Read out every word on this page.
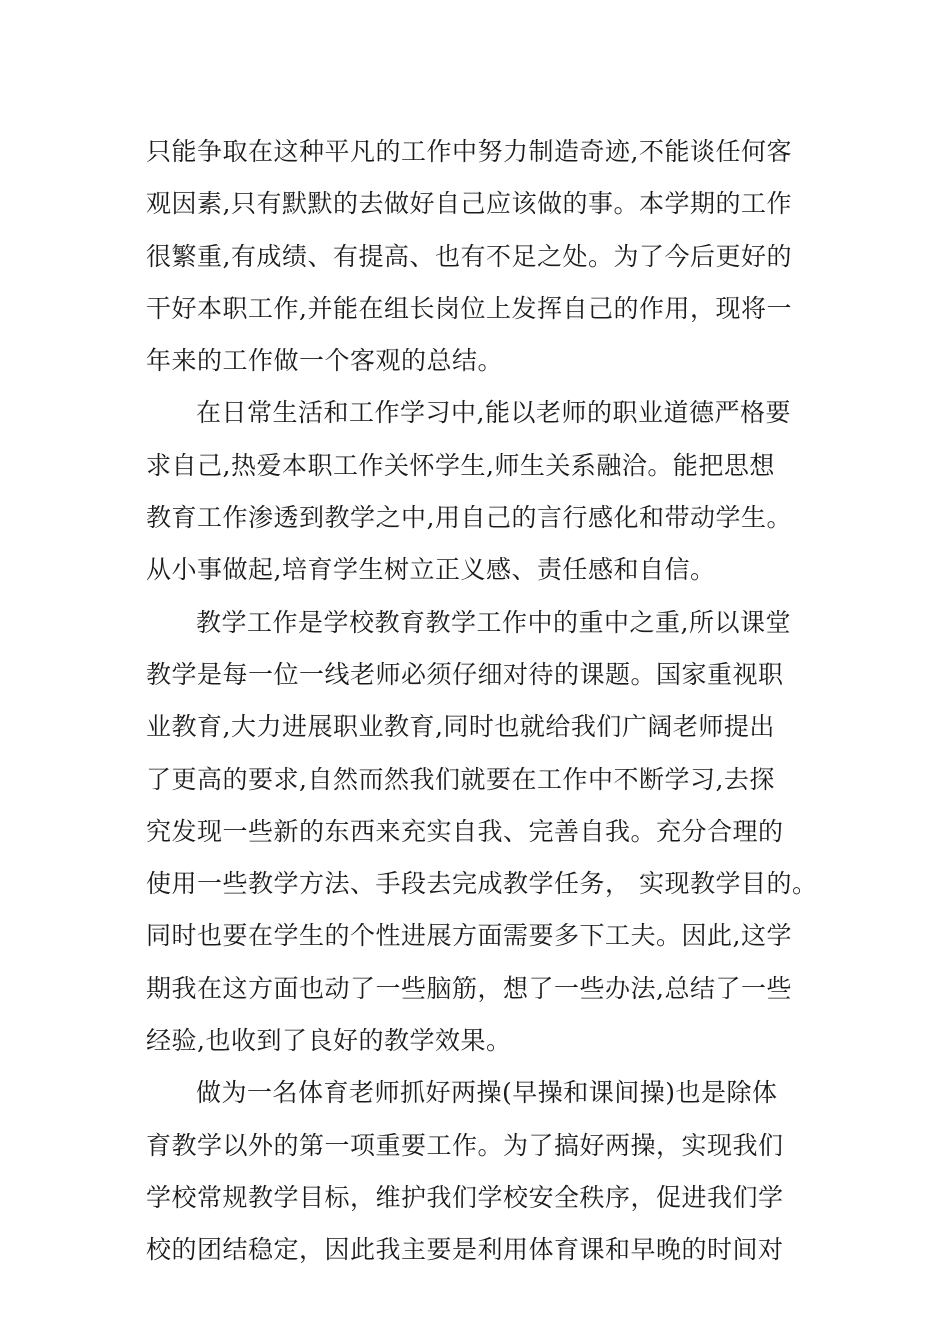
只能争取在这种平凡的工作中努力制造奇迹,不能谈任何客
观因素,只有默默的去做好自己应该做的事。本学期的工作
很繁重,有成绩、有提高、也有不足之处。为了今后更好的
干好本职工作,并能在组长岗位上发挥自己的作用，现将一
年来的工作做一个客观的总结。
在日常生活和工作学习中,能以老师的职业道德严格要
求自己,热爱本职工作关怀学生,师生关系融洽。能把思想
教育工作渗透到教学之中,用自己的言行感化和带动学生。
从小事做起,培育学生树立正义感、责任感和自信。
教学工作是学校教育教学工作中的重中之重,所以课堂
教学是每一位一线老师必须仔细对待的课题。国家重视职
业教育,大力进展职业教育,同时也就给我们广阔老师提出
了更高的要求,自然而然我们就要在工作中不断学习,去探
究发现一些新的东西来充实自我、完善自我。充分合理的
使用一些教学方法、手段去完成教学任务， 实现教学目的。
同时也要在学生的个性进展方面需要多下工夫。因此,这学
期我在这方面也动了一些脑筋，想了一些办法,总结了一些
经验,也收到了良好的教学效果。
做为一名体育老师抓好两操(早操和课间操)也是除体
育教学以外的第一项重要工作。为了搞好两操，实现我们
学校常规教学目标，维护我们学校安全秩序，促进我们学
校的团结稳定，因此我主要是利用体育课和早晚的时间对
